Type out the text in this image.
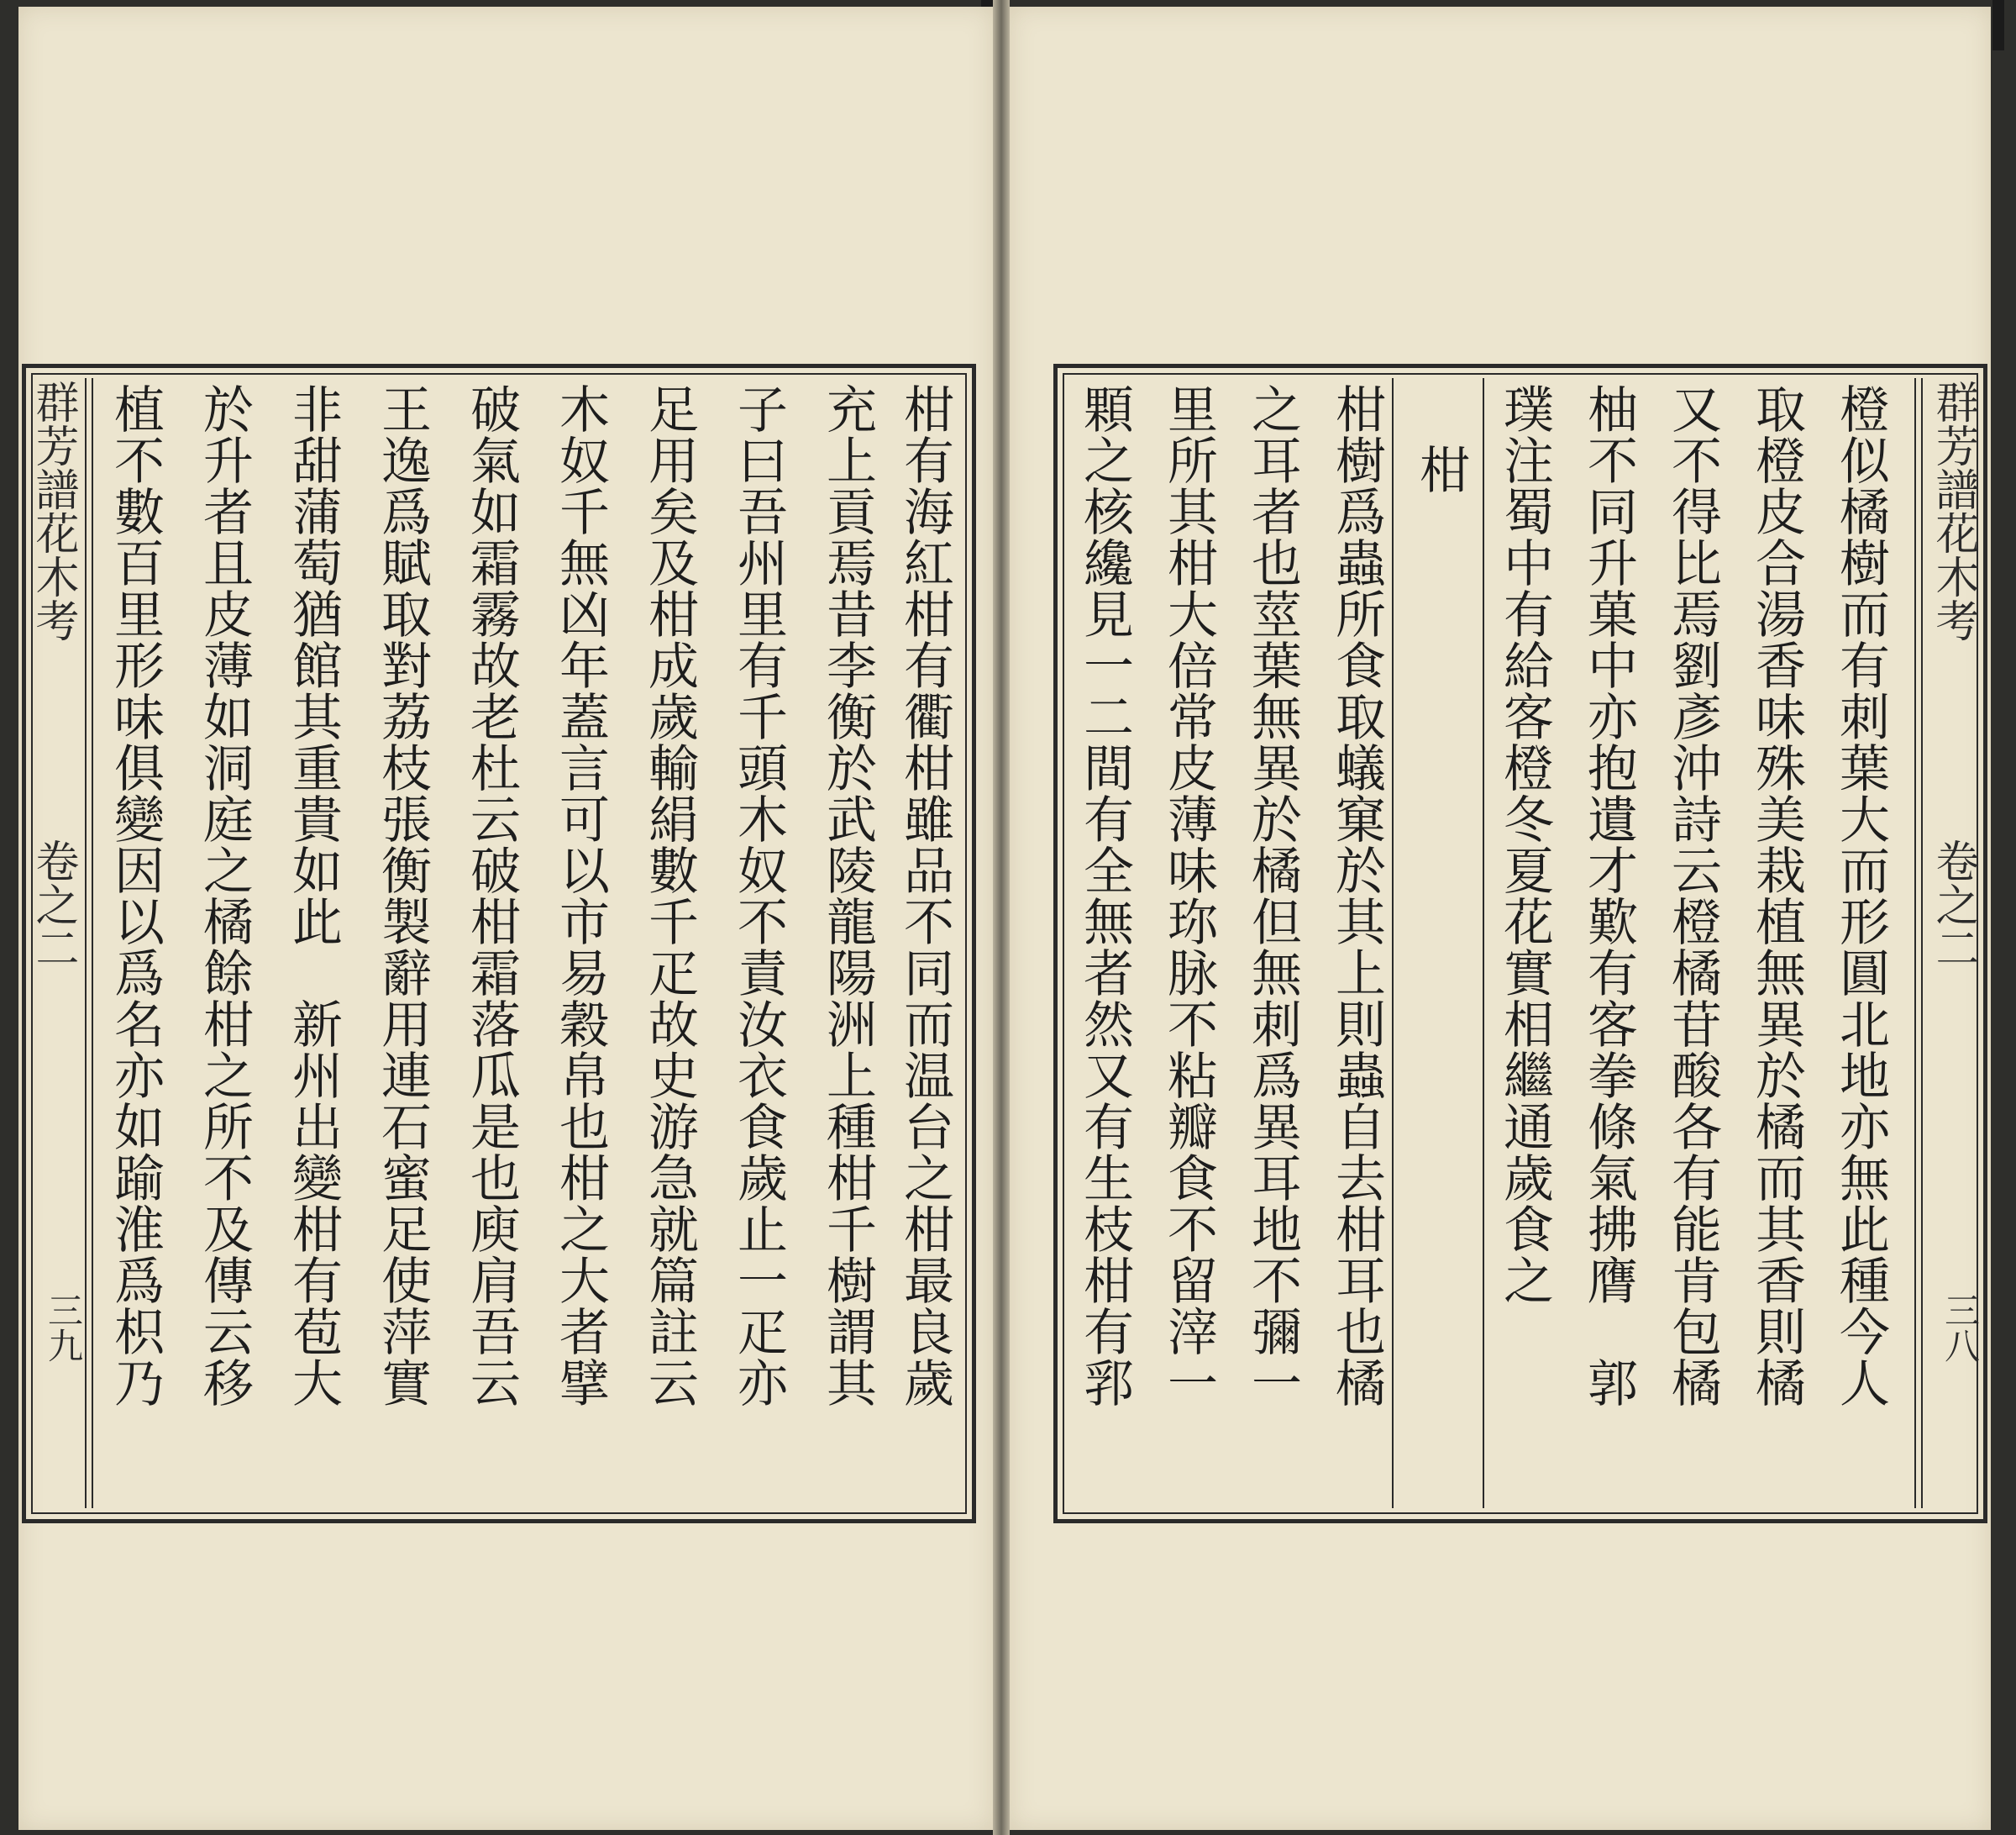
群芳譜花木考
卷之二
三九 植不數百里形味俱變因以爲名亦如踰淮爲枳乃 於升者且皮薄如洞庭之橘餘柑之所不及傳云移 非甜蒲萄猶館其重貴如此　新州出變柑有苞大 王逸爲賦取對荔枝張衡製辭用連石蜜足使萍實 破氣如霜霧故老杜云破柑霜落瓜是也庾肩吾云 木奴千無凶年蓋言可以市易穀帛也柑之大者擘 足用矣及柑成歲輸絹數千疋故史游急就篇註云 子曰吾州里有千頭木奴不責汝衣食歲止一疋亦 充上貢焉昔李衡於武陵龍陽洲上種柑千樹謂其 柑有海紅柑有衢柑雖品不同而温台之柑最良歲 顆之核纔見一二間有全無者然又有生枝柑有郛 里所其柑大倍常皮薄味珎脉不粘瓣食不留滓一 之耳者也莖葉無異於橘但無刺爲異耳地不彌一 柑樹爲蟲所食取蟻窠於其上則蟲自去柑耳也橘 柑 璞注蜀中有給客橙冬夏花實相繼通歲食之 柚不同升菓中亦抱遺才歎有客拳條氣拂膺　郭 又不得比焉劉彥沖詩云橙橘苷酸各有能肯包橘 取橙皮合湯香味殊美栽植無異於橘而其香則橘 橙似橘樹而有刺葉大而形圓北地亦無此種今人 群芳譜花木考
卷之二
三八
